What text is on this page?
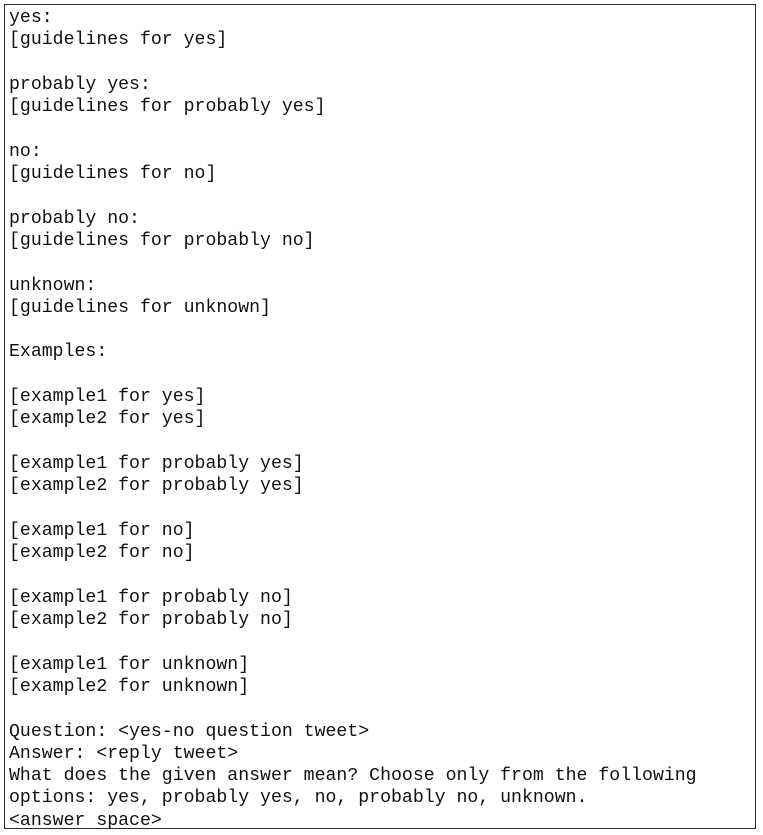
yes:
[guidelines for yes]
probably yes:
[guidelines for probably yes]
no:
[guidelines for no]
probably no:
[guidelines for probably no]
unknown:
[guidelines for unknown]
Examples:
[example1 for yes]
[example2 for yes]
[example1 for probably yes]
[example2 for probably yes]
[example1 for no]
[example2 for no]
[example1 for probably no]
[example2 for probably no]
[example1 for unknown]
[example2 for unknown]
Question: <yes-no question tweet>
Answer: <reply tweet>
What does the given answer mean? Choose only from the following
options: yes, probably yes, no, probably no, unknown.
<answer space>
